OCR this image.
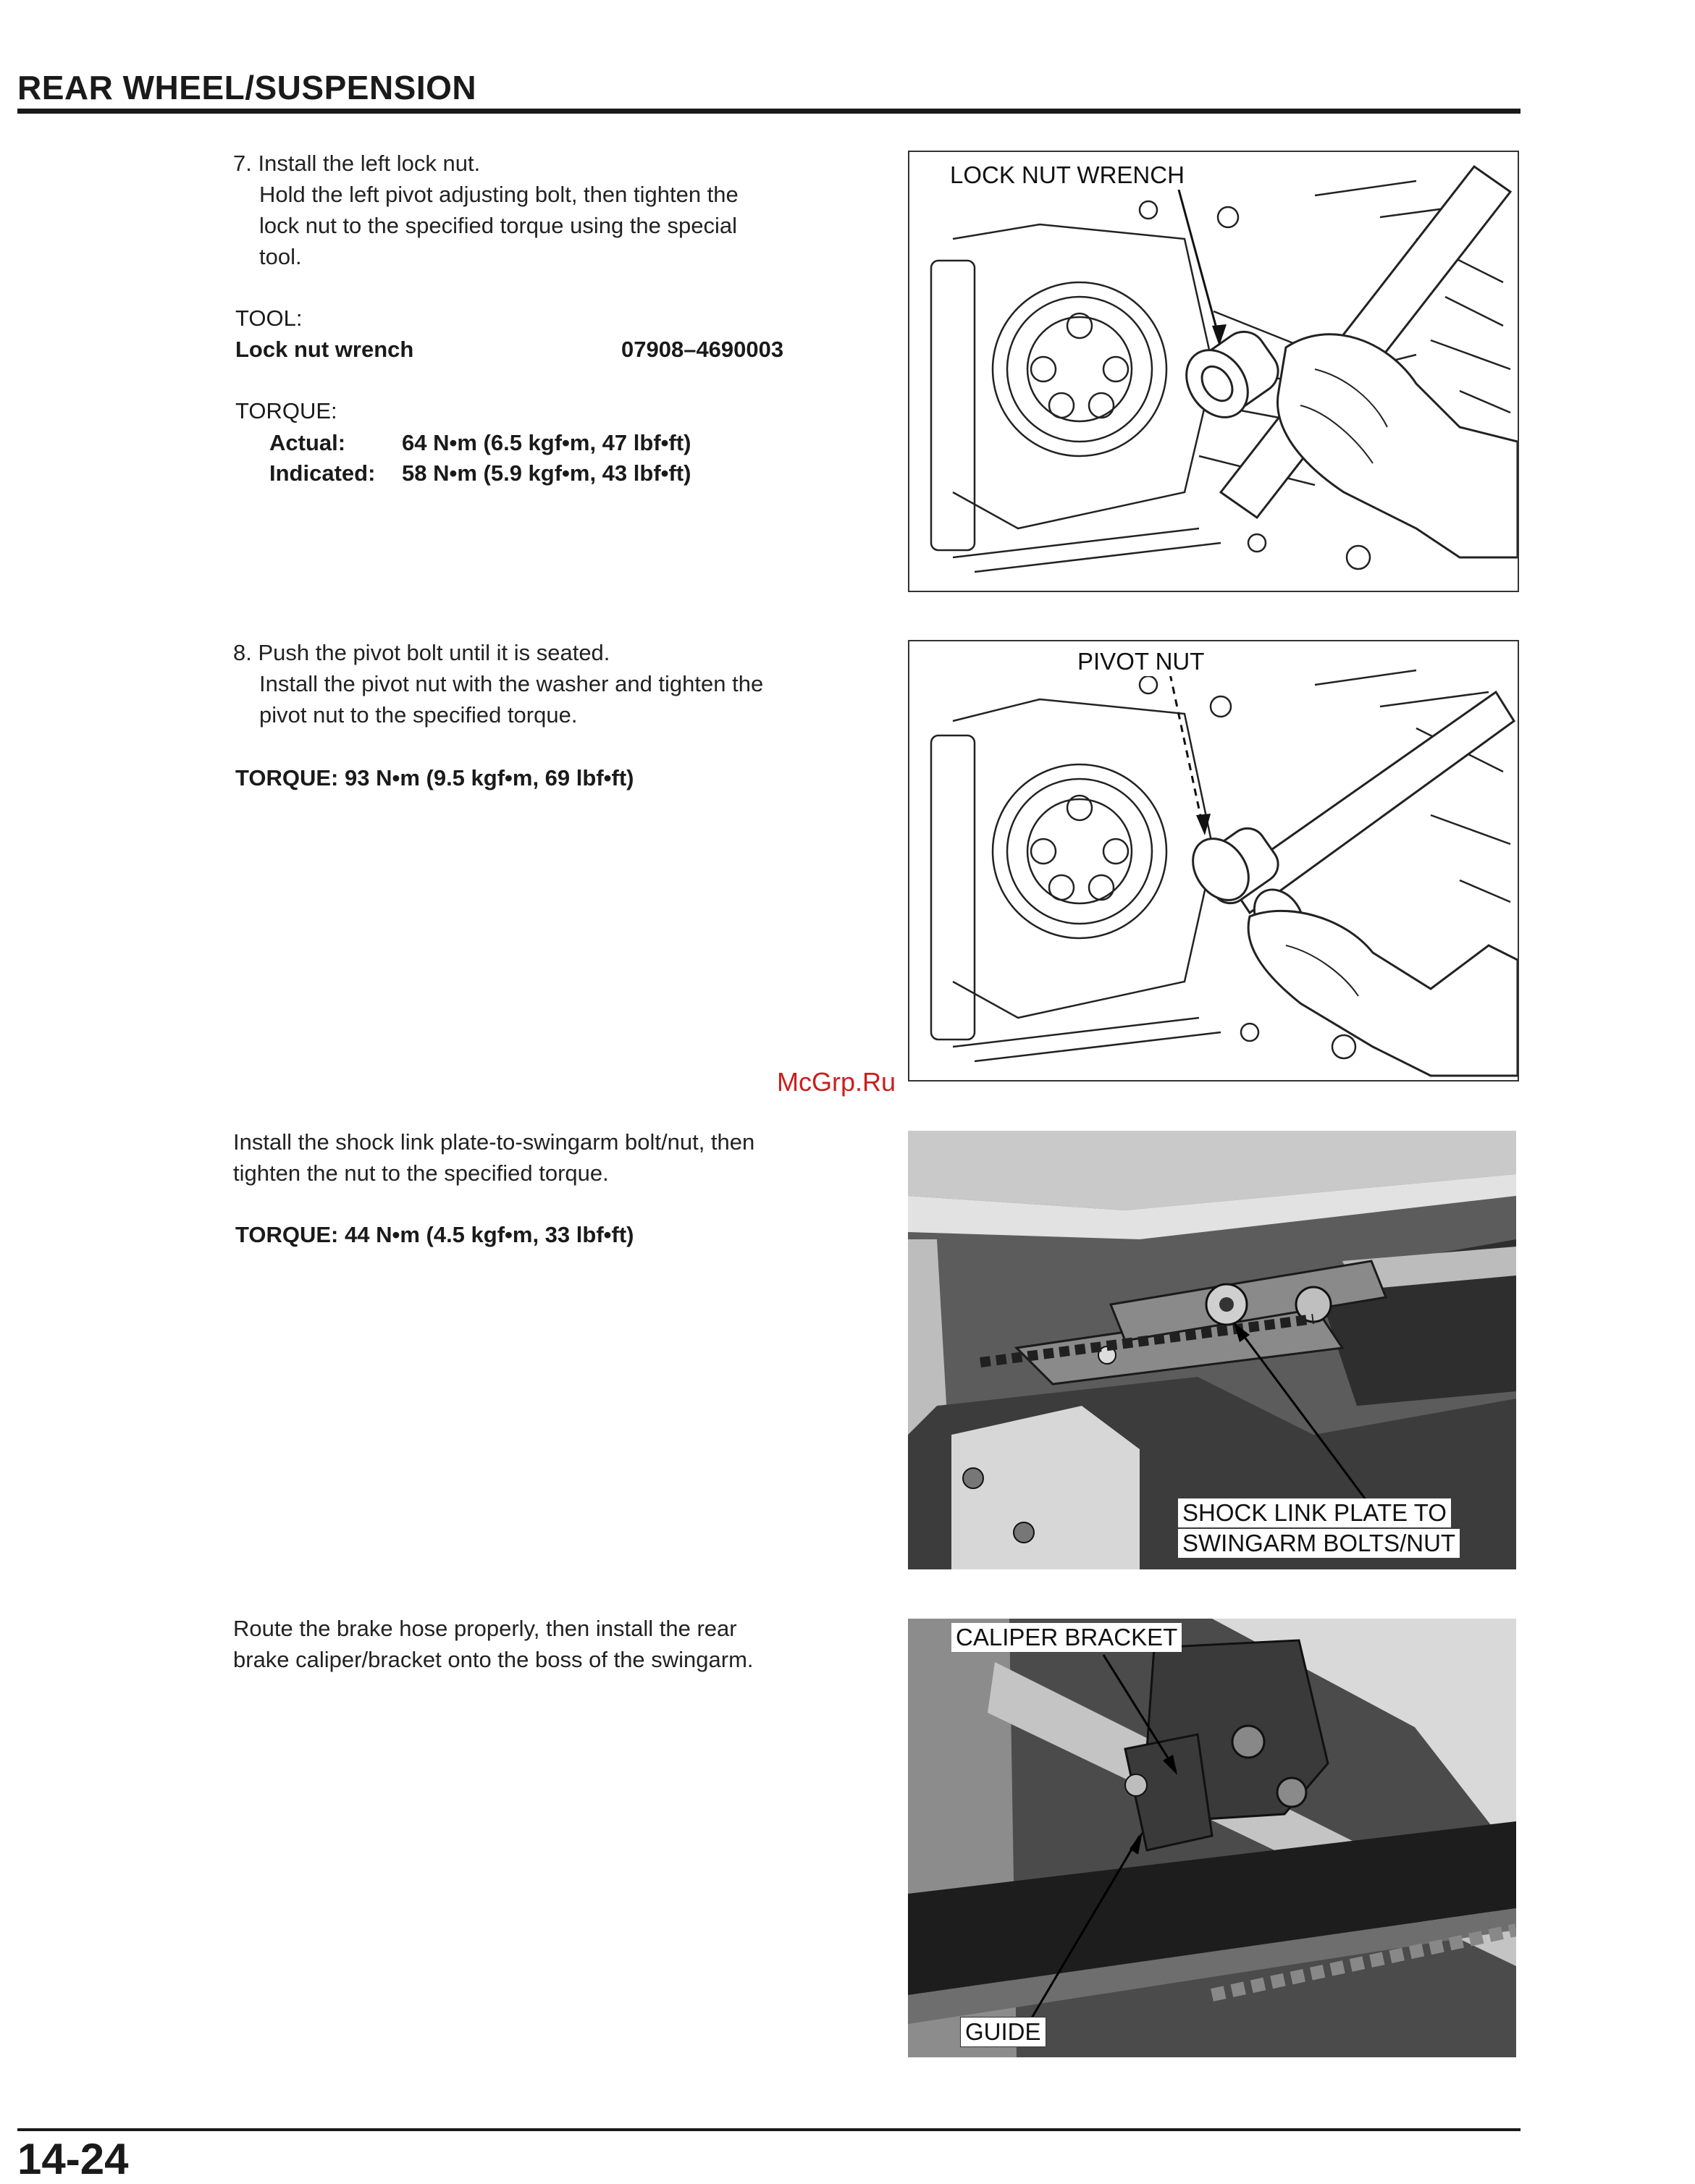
REAR WHEEL/SUSPENSION
7. Install the left lock nut.
Hold the left pivot adjusting bolt, then tighten the
lock nut to the specified torque using the special
tool.
TOOL:
Lock nut wrench	07908–4690003
TORQUE:
Actual:	64 N•m (6.5 kgf•m, 47 lbf•ft)
Indicated: 58 N•m (5.9 kgf•m, 43 lbf•ft)
LOCK NUT WRENCH
8. Push the pivot bolt until it is seated.
Install the pivot nut with the washer and tighten the
pivot nut to the specified torque.
TORQUE: 93 N•m (9.5 kgf•m, 69 lbf•ft)
PIVOT NUT
McGrp.Ru
Install the shock link plate-to-swingarm bolt/nut, then
tighten the nut to the specified torque.
TORQUE: 44 N•m (4.5 kgf•m, 33 lbf•ft)
SHOCK LINK PLATE TO
SWINGARM BOLTS/NUT
Route the brake hose properly, then install the rear
brake caliper/bracket onto the boss of the swingarm.
CALIPER BRACKET
GUIDE
14-24
